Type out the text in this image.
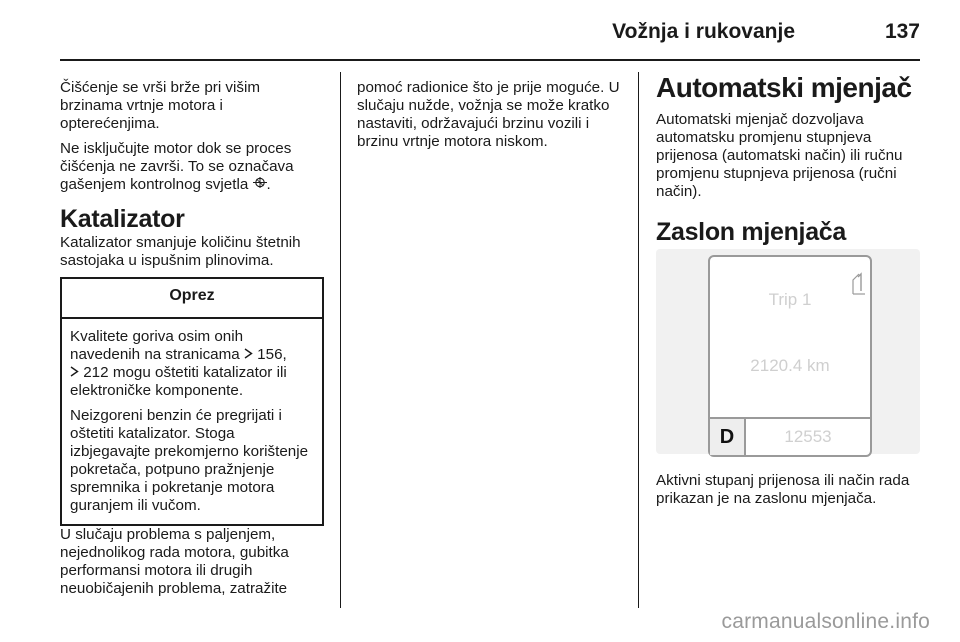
Vožnja i rukovanje	137

Čišćenje se vrši brže pri višim brzinama vrtnje motora i opterećenjima.

Ne isključujte motor dok se proces čišćenja ne završi. To se označava gašenjem kontrolnog svjetla .

Katalizator

Katalizator smanjuje količinu štetnih sastojaka u ispušnim plinovima.

Oprez

Kvalitete goriva osim onih navedenih na stranicama 156,
212 mogu oštetiti katalizator ili elektroničke komponente.

Neizgoreni benzin će pregrijati i oštetiti katalizator. Stoga izbjegavajte prekomjerno korištenje pokretača, potpuno pražnjenje spremnika i pokretanje motora guranjem ili vučom.

U slučaju problema s paljenjem, nejednolikog rada motora, gubitka performansi motora ili drugih neuobičajenih problema, zatražite

pomoć radionice što je prije moguće. U slučaju nužde, vožnja se može kratko nastaviti, održavajući brzinu vozili i brzinu vrtnje motora niskom.

Automatski mjenjač

Automatski mjenjač dozvoljava automatsku promjenu stupnjeva prijenosa (automatski način) ili ručnu promjenu stupnjeva prijenosa (ručni način).

Zaslon mjenjača
Trip 1
2120.4 km
D	12553

Aktivni stupanj prijenosa ili način rada prikazan je na zaslonu mjenjača.

carmanualsonline.info
